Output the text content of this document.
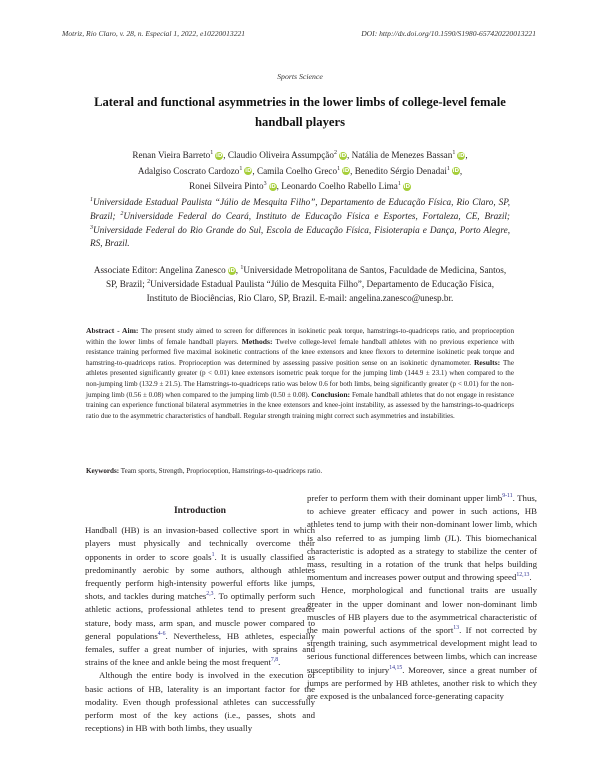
Motriz, Rio Claro, v. 28, n. Especial 1, 2022, e10220013221	DOI: http://dx.doi.org/10.1590/S1980-657420220013221
Sports Science
Lateral and functional asymmetries in the lower limbs of college-level female handball players
Renan Vieira Barreto$^1$ iD, Claudio Oliveira Assumpção$^2$ iD, Natália de Menezes Bassan$^1$ iD,
Adalgiso Coscrato Cardozo$^1$ iD, Camila Coelho Greco$^1$ iD, Benedito Sérgio Denadai$^1$ iD,
Ronei Silveira Pinto$^3$ iD, Leonardo Coelho Rabello Lima$^1$ iD
$^1$Universidade Estadual Paulista “Júlio de Mesquita Filho”, Departamento de Educação Física, Rio Claro, SP, Brazil; $^2$Universidade Federal do Ceará, Instituto de Educação Física e Esportes, Fortaleza, CE, Brazil; $^3$Universidade Federal do Rio Grande do Sul, Escola de Educação Física, Fisioterapia e Dança, Porto Alegre, RS, Brazil.
Associate Editor: Angelina Zanesco iD, $^1$Universidade Metropolitana de Santos, Faculdade de Medicina, Santos, SP, Brazil; $^2$Universidade Estadual Paulista “Júlio de Mesquita Filho”, Departamento de Educação Física, Instituto de Biociências, Rio Claro, SP, Brazil. E-mail: angelina.zanesco@unesp.br.
Abstract - Aim: The present study aimed to screen for differences in isokinetic peak torque, hamstrings-to-quadriceps ratio, and proprioception within the lower limbs of female handball players. Methods: Twelve college-level female handball athletes with no previous experience with resistance training performed five maximal isokinetic contractions of the knee extensors and knee flexors to determine isokinetic peak torque and hamstring-to-quadriceps ratios. Proprioception was determined by assessing passive position sense on an isokinetic dynamometer. Results: The athletes presented significantly greater (p < 0.01) knee extensors isometric peak torque for the jumping limb (144.9 ± 23.1) when compared to the non-jumping limb (132.9 ± 21.5). The Hamstrings-to-quadriceps ratio was below 0.6 for both limbs, being significantly greater (p < 0.01) for the non-jumping limb (0.56 ± 0.08) when compared to the jumping limb (0.50 ± 0.08). Conclusion: Female handball athletes that do not engage in resistance training can experience functional bilateral asymmetries in the knee extensors and knee-joint instability, as assessed by the hamstrings-to-quadriceps ratio due to the asymmetric characteristics of handball. Regular strength training might correct such asymmetries and instabilities.
Keywords: Team sports, Strength, Proprioception, Hamstrings-to-quadriceps ratio.
Introduction

Handball (HB) is an invasion-based collective sport in which players must physically and technically overcome their opponents in order to score goals$^1$. It is usually classified as predominantly aerobic by some authors, although athletes frequently perform high-intensity powerful efforts like jumps, shots, and tackles during matches$^{2,3}$. To optimally perform such athletic actions, professional athletes tend to present greater stature, body mass, arm span, and muscle power compared to general populations$^{4-6}$. Nevertheless, HB athletes, especially females, suffer a great number of injuries, with sprains and strains of the knee and ankle being the most frequent$^{7,8}$.

Although the entire body is involved in the execution of basic actions of HB, laterality is an important factor for the modality. Even though professional athletes can successfully perform most of the key actions (i.e., passes, shots and receptions) in HB with both limbs, they usually

prefer to perform them with their dominant upper limb$^{9-11}$. Thus, to achieve greater efficacy and power in such actions, HB athletes tend to jump with their non-dominant lower limb, which is also referred to as jumping limb (JL). This biomechanical characteristic is adopted as a strategy to stabilize the center of mass, resulting in a rotation of the trunk that helps building momentum and increases power output and throwing speed$^{12,13}$.

Hence, morphological and functional traits are usually greater in the upper dominant and lower non-dominant limb muscles of HB players due to the asymmetrical characteristic of the main powerful actions of the sport$^{13}$. If not corrected by strength training, such asymmetrical development might lead to serious functional differences between limbs, which can increase susceptibility to injury$^{14,15}$. Moreover, since a great number of jumps are performed by HB athletes, another risk to which they are exposed is the unbalanced force-generating capacity
